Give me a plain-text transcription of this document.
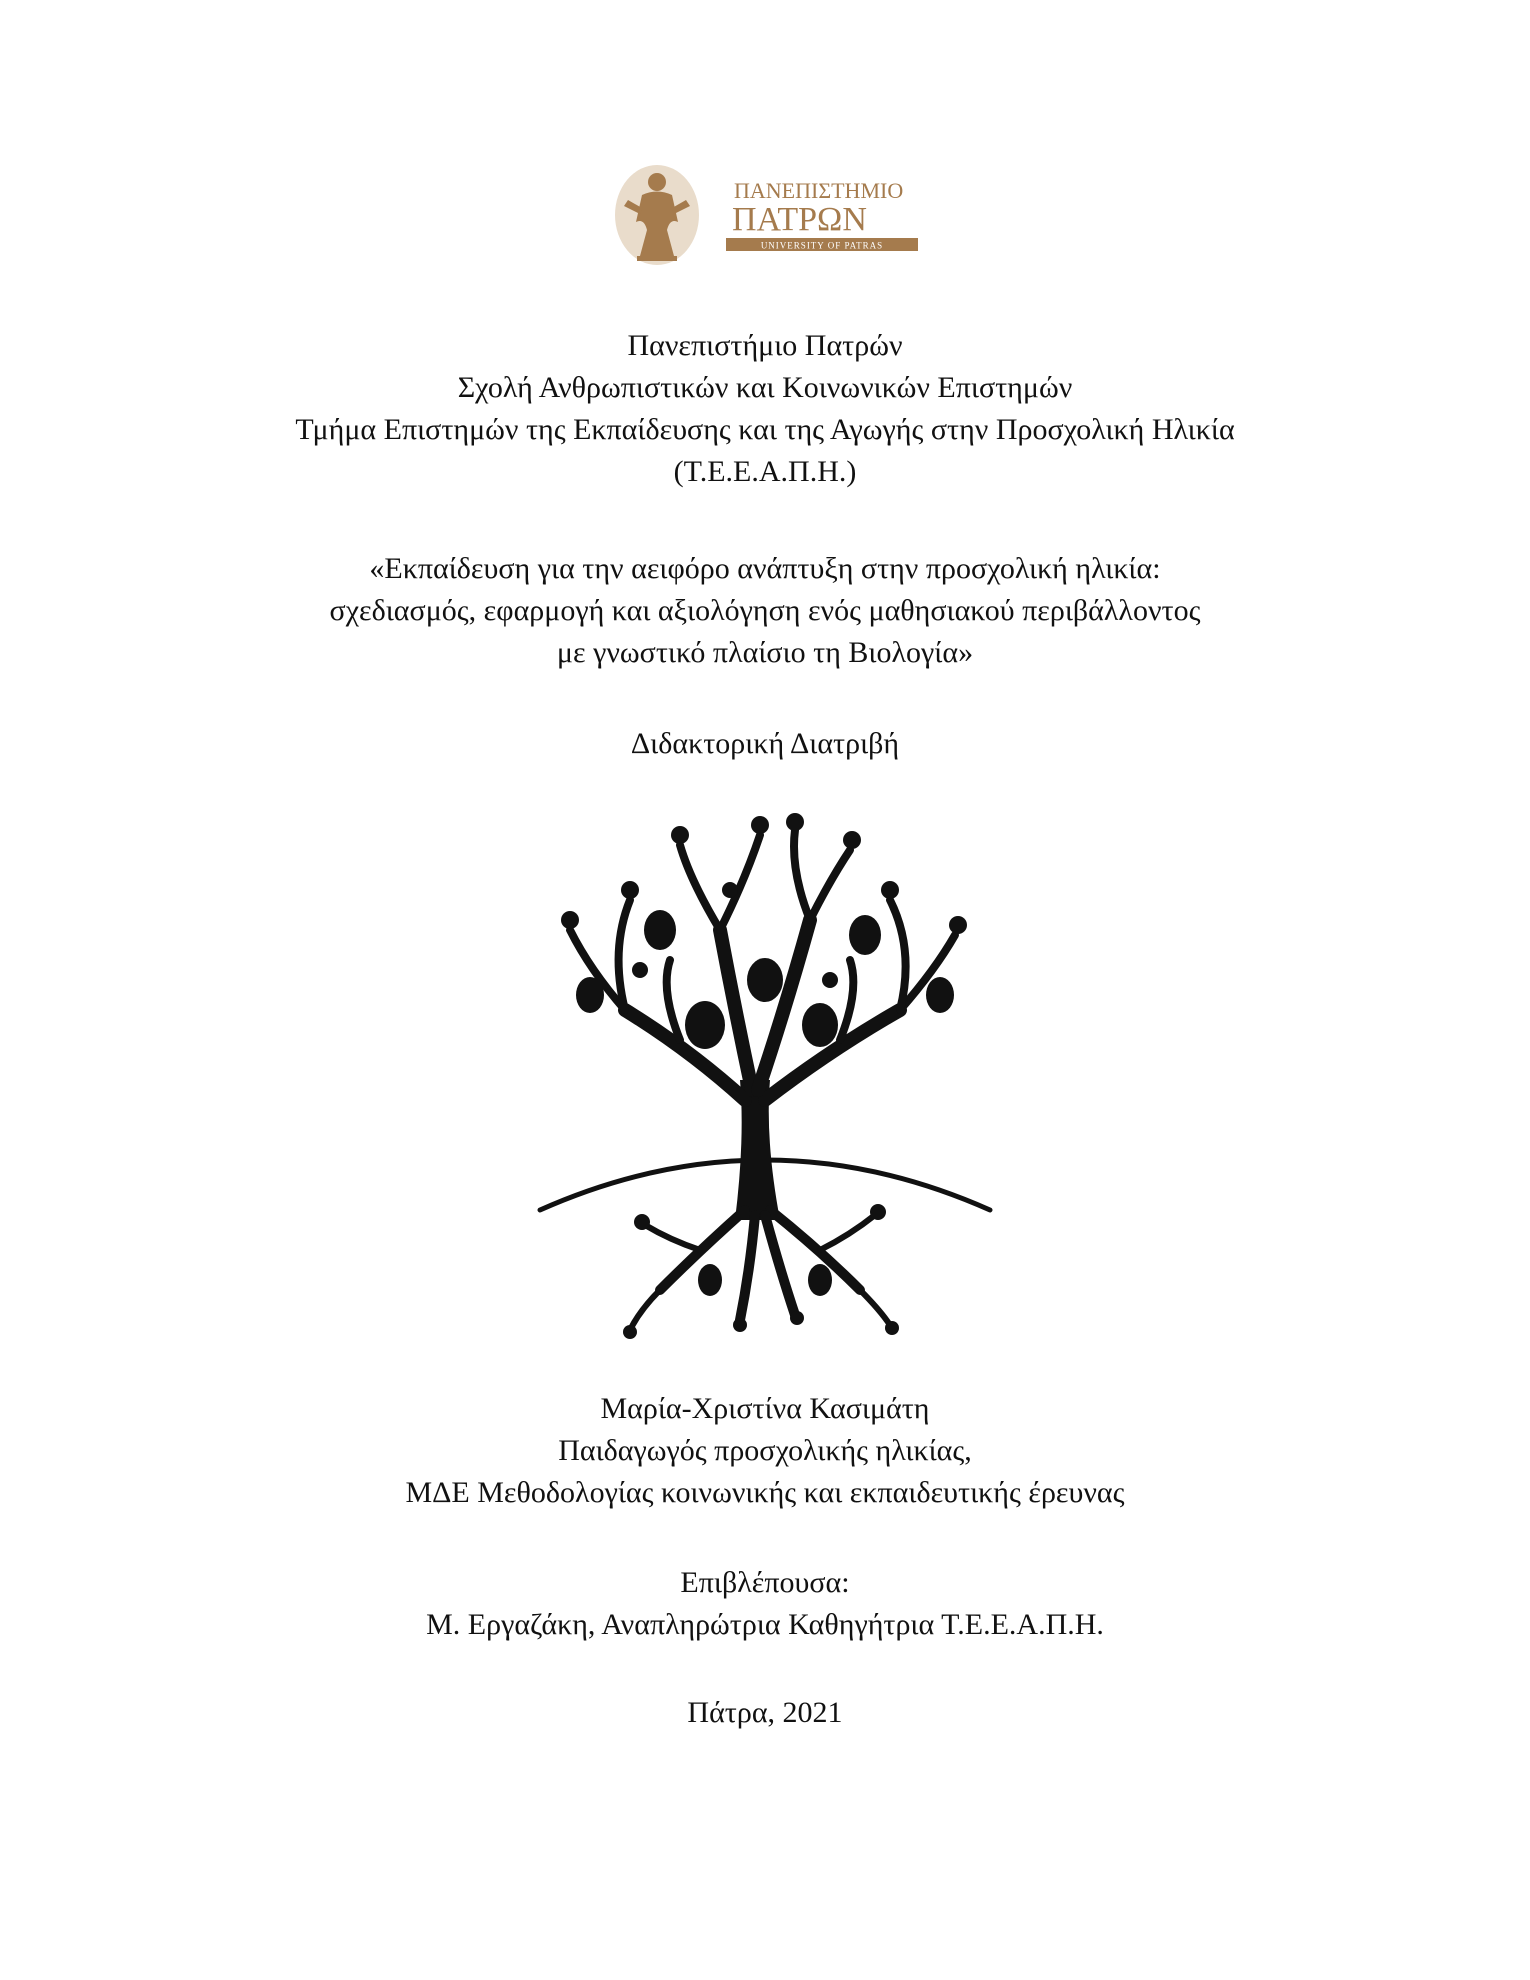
ΠΑΝΕΠΙΣΤΗΜΙΟ
ΠΑΤΡΩΝ
UNIVERSITY OF PATRAS
Πανεπιστήμιο Πατρών
Σχολή Ανθρωπιστικών και Κοινωνικών Επιστημών
Τμήμα Επιστημών της Εκπαίδευσης και της Αγωγής στην Προσχολική Ηλικία
(Τ.Ε.Ε.Α.Π.Η.)
«Εκπαίδευση για την αειφόρο ανάπτυξη στην προσχολική ηλικία:
σχεδιασμός, εφαρμογή και αξιολόγηση ενός μαθησιακού περιβάλλοντος
με γνωστικό πλαίσιο τη Βιολογία»
Διδακτορική Διατριβή
Μαρία-Χριστίνα Κασιμάτη
Παιδαγωγός προσχολικής ηλικίας,
ΜΔΕ Μεθοδολογίας κοινωνικής και εκπαιδευτικής έρευνας
Επιβλέπουσα:
Μ. Εργαζάκη, Αναπληρώτρια Καθηγήτρια Τ.Ε.Ε.Α.Π.Η.
Πάτρα, 2021
